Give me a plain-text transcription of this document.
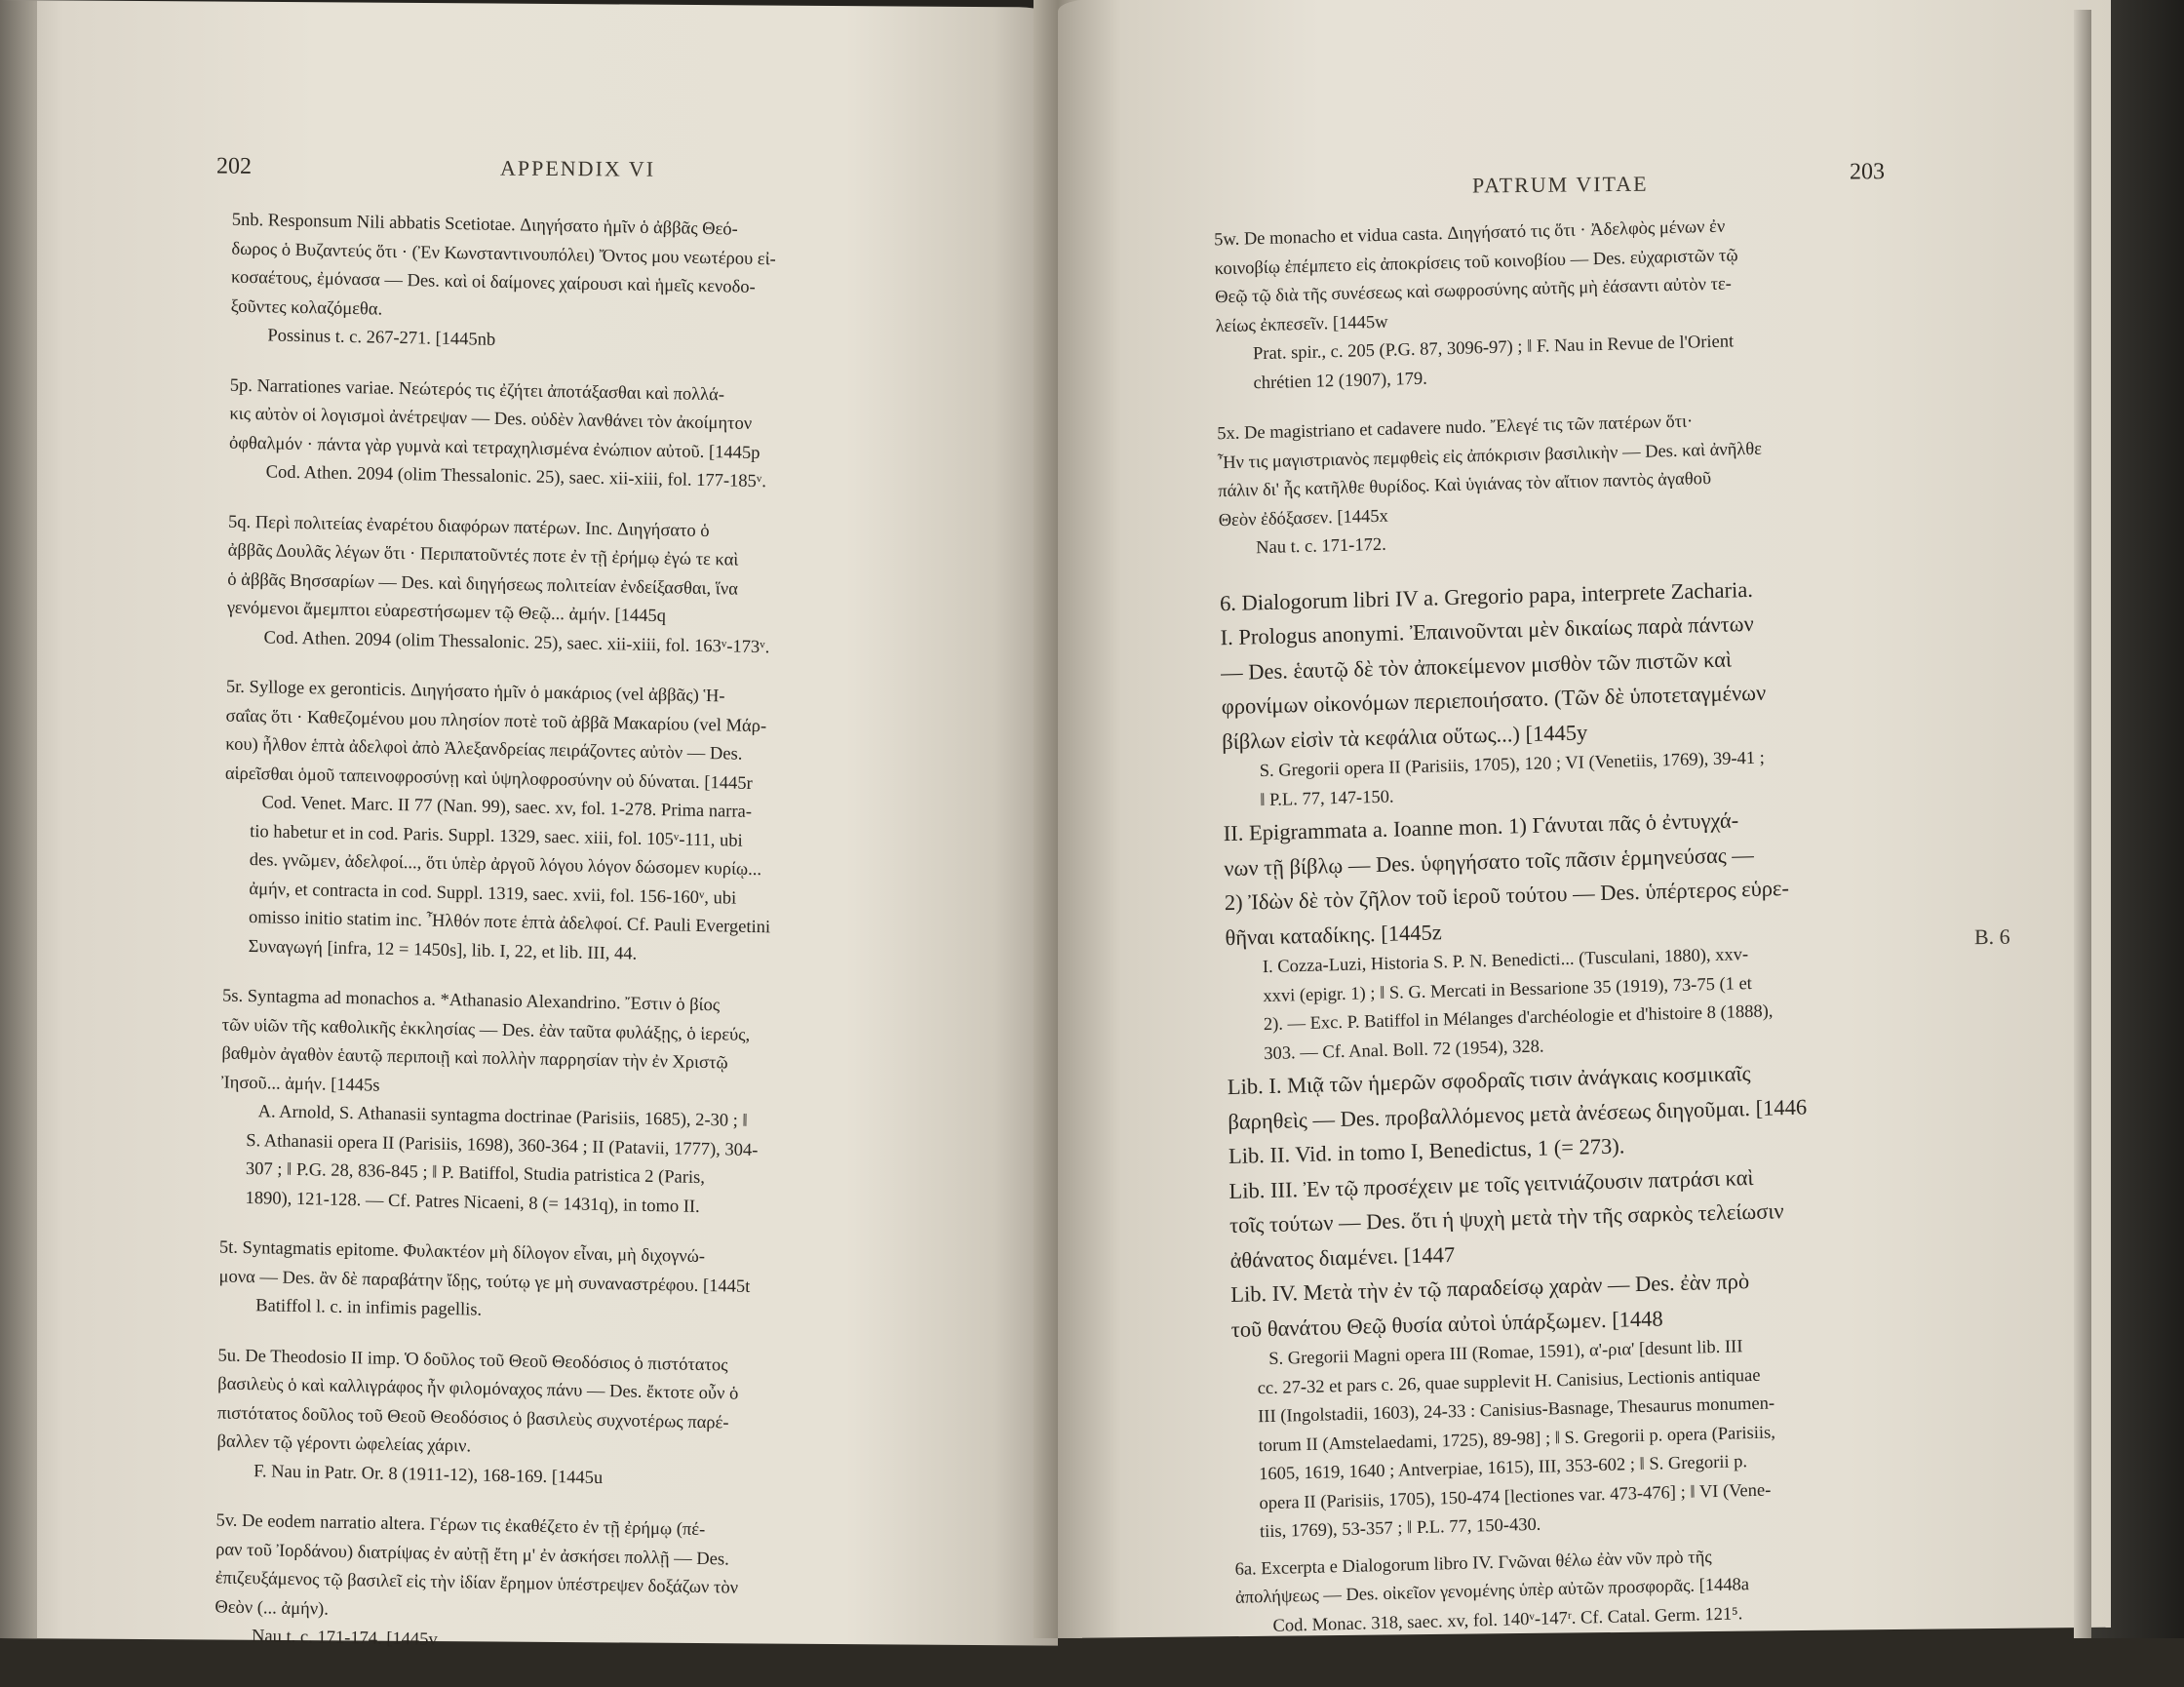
202	APPENDIX VI
5nb. Responsum Nili abbatis Scetiotae. Διηγήσατο ἡμῖν ὁ ἀββᾶς Θεό-
δωρος ὁ Βυζαντεύς ὅτι · (Ἐν Κωνσταντινουπόλει) Ὄντος μου νεωτέρου εἰ-
κοσαέτους, ἐμόνασα — Des. καὶ οἱ δαίμονες χαίρουσι καὶ ἡμεῖς κενοδο-
ξοῦντες κολαζόμεθα.
Possinus t. c. 267-271. [1445nb
5p. Narrationes variae. Νεώτερός τις ἐζήτει ἀποτάξασθαι καὶ πολλά-
κις αὐτὸν οἱ λογισμοὶ ἀνέτρεψαν — Des. οὐδὲν λανθάνει τὸν ἀκοίμητον
ὀφθαλμόν · πάντα γὰρ γυμνὰ καὶ τετραχηλισμένα ἐνώπιον αὐτοῦ. [1445p
Cod. Athen. 2094 (olim Thessalonic. 25), saec. xii-xiii, fol. 177-185ᵛ.
5q. Περὶ πολιτείας ἐναρέτου διαφόρων πατέρων. Inc. Διηγήσατο ὁ
ἀββᾶς Δουλᾶς λέγων ὅτι · Περιπατοῦντές ποτε ἐν τῇ ἐρήμῳ ἐγώ τε καὶ
ὁ ἀββᾶς Βησσαρίων — Des. καὶ διηγήσεως πολιτείαν ἐνδείξασθαι, ἵνα
γενόμενοι ἄμεμπτοι εὐαρεστήσωμεν τῷ Θεῷ... ἀμήν. [1445q
Cod. Athen. 2094 (olim Thessalonic. 25), saec. xii-xiii, fol. 163ᵛ-173ᵛ.
5r. Sylloge ex geronticis. Διηγήσατο ἡμῖν ὁ μακάριος (vel ἀββᾶς) Ἡ-
σαΐας ὅτι · Καθεζομένου μου πλησίον ποτὲ τοῦ ἀββᾶ Μακαρίου (vel Μάρ-
κου) ἦλθον ἑπτὰ ἀδελφοὶ ἀπὸ Ἀλεξανδρείας πειράζοντες αὐτὸν — Des.
αἱρεῖσθαι ὁμοῦ ταπεινοφροσύνῃ καὶ ὑψηλοφροσύνην οὐ δύναται. [1445r
Cod. Venet. Marc. II 77 (Nan. 99), saec. xv, fol. 1-278. Prima narra-
tio habetur et in cod. Paris. Suppl. 1329, saec. xiii, fol. 105ᵛ-111, ubi
des. γνῶμεν, ἀδελφοί..., ὅτι ὑπὲρ ἀργοῦ λόγου λόγον δώσομεν κυρίῳ...
ἀμήν, et contracta in cod. Suppl. 1319, saec. xvii, fol. 156-160ᵛ, ubi
omisso initio statim inc. Ἦλθόν ποτε ἑπτὰ ἀδελφοί. Cf. Pauli Evergetini
Συναγωγή [infra, 12 = 1450s], lib. I, 22, et lib. III, 44.
5s. Syntagma ad monachos a. *Athanasio Alexandrino. Ἔστιν ὁ βίος
τῶν υἱῶν τῆς καθολικῆς ἐκκλησίας — Des. ἐὰν ταῦτα φυλάξῃς, ὁ ἱερεύς,
βαθμὸν ἀγαθὸν ἑαυτῷ περιποιῇ καὶ πολλὴν παρρησίαν τὴν ἐν Χριστῷ
Ἰησοῦ... ἀμήν. [1445s
A. Arnold, S. Athanasii syntagma doctrinae (Parisiis, 1685), 2-30 ; ‖
S. Athanasii opera II (Parisiis, 1698), 360-364 ; II (Patavii, 1777), 304-
307 ; ‖ P.G. 28, 836-845 ; ‖ P. Batiffol, Studia patristica 2 (Paris,
1890), 121-128. — Cf. Patres Nicaeni, 8 (= 1431q), in tomo II.
5t. Syntagmatis epitome. Φυλακτέον μὴ δίλογον εἶναι, μὴ διχογνώ-
μονα — Des. ἂν δὲ παραβάτην ἴδῃς, τούτῳ γε μὴ συναναστρέφου. [1445t
Batiffol l. c. in infimis pagellis.
5u. De Theodosio II imp. Ὁ δοῦλος τοῦ Θεοῦ Θεοδόσιος ὁ πιστότατος
βασιλεὺς ὁ καὶ καλλιγράφος ἦν φιλομόναχος πάνυ — Des. ἔκτοτε οὖν ὁ
πιστότατος δοῦλος τοῦ Θεοῦ Θεοδόσιος ὁ βασιλεὺς συχνοτέρως παρέ-
βαλλεν τῷ γέροντι ὠφελείας χάριν.
F. Nau in Patr. Or. 8 (1911-12), 168-169. [1445u
5v. De eodem narratio altera. Γέρων τις ἐκαθέζετο ἐν τῇ ἐρήμῳ (πέ-
ραν τοῦ Ἰορδάνου) διατρίψας ἐν αὐτῇ ἔτη μ' ἐν ἀσκήσει πολλῇ — Des.
ἐπιζευξάμενος τῷ βασιλεῖ εἰς τὴν ἰδίαν ἔρημον ὑπέστρεψεν δοξάζων τὸν
Θεὸν (... ἀμήν).
Nau t. c. 171-174. [1445v
PATRUM VITAE	203
B. 6
5w. De monacho et vidua casta. Διηγήσατό τις ὅτι · Ἀδελφὸς μένων ἐν
κοινοβίῳ ἐπέμπετο εἰς ἀποκρίσεις τοῦ κοινοβίου — Des. εὐχαριστῶν τῷ
Θεῷ τῷ διὰ τῆς συνέσεως καὶ σωφροσύνης αὐτῆς μὴ ἐάσαντι αὐτὸν τε-
λείως ἐκπεσεῖν. [1445w
Prat. spir., c. 205 (P.G. 87, 3096-97) ; ‖ F. Nau in Revue de l'Orient
chrétien 12 (1907), 179.
5x. De magistriano et cadavere nudo. Ἔλεγέ τις τῶν πατέρων ὅτι·
Ἦν τις μαγιστριανὸς πεμφθεὶς εἰς ἀπόκρισιν βασιλικὴν — Des. καὶ ἀνῆλθε
πάλιν δι' ἧς κατῆλθε θυρίδος. Καὶ ὑγιάνας τὸν αἴτιον παντὸς ἀγαθοῦ
Θεὸν ἐδόξασεν. [1445x
Nau t. c. 171-172.
6. Dialogorum libri IV a. Gregorio papa, interprete Zacharia.
I. Prologus anonymi. Ἐπαινοῦνται μὲν δικαίως παρὰ πάντων
— Des. ἑαυτῷ δὲ τὸν ἀποκείμενον μισθὸν τῶν πιστῶν καὶ
φρονίμων οἰκονόμων περιεποιήσατο. (Τῶν δὲ ὑποτεταγμένων
βίβλων εἰσὶν τὰ κεφάλια οὕτως...) [1445y
S. Gregorii opera II (Parisiis, 1705), 120 ; VI (Venetiis, 1769), 39-41 ;
‖ P.L. 77, 147-150.
II. Epigrammata a. Ioanne mon. 1) Γάνυται πᾶς ὁ ἐντυγχά-
νων τῇ βίβλῳ — Des. ὑφηγήσατο τοῖς πᾶσιν ἑρμηνεύσας —
2) Ἰδὼν δὲ τὸν ζῆλον τοῦ ἱεροῦ τούτου — Des. ὑπέρτερος εὑρε-
θῆναι καταδίκης. [1445z
I. Cozza-Luzi, Historia S. P. N. Benedicti... (Tusculani, 1880), xxv-
xxvi (epigr. 1) ; ‖ S. G. Mercati in Bessarione 35 (1919), 73-75 (1 et
2). — Exc. P. Batiffol in Mélanges d'archéologie et d'histoire 8 (1888),
303. — Cf. Anal. Boll. 72 (1954), 328.
Lib. I. Μιᾷ τῶν ἡμερῶν σφοδραῖς τισιν ἀνάγκαις κοσμικαῖς
βαρηθεὶς — Des. προβαλλόμενος μετὰ ἀνέσεως διηγοῦμαι. [1446
Lib. II. Vid. in tomo I, Benedictus, 1 (= 273).
Lib. III. Ἐν τῷ προσέχειν με τοῖς γειτνιάζουσιν πατράσι καὶ
τοῖς τούτων — Des. ὅτι ἡ ψυχὴ μετὰ τὴν τῆς σαρκὸς τελείωσιν
ἀθάνατος διαμένει. [1447
Lib. IV. Μετὰ τὴν ἐν τῷ παραδείσῳ χαρὰν — Des. ἐὰν πρὸ
τοῦ θανάτου Θεῷ θυσία αὐτοὶ ὑπάρξωμεν. [1448
S. Gregorii Magni opera III (Romae, 1591), α'-ρια' [desunt lib. III
cc. 27-32 et pars c. 26, quae supplevit H. Canisius, Lectionis antiquae
III (Ingolstadii, 1603), 24-33 : Canisius-Basnage, Thesaurus monumen-
torum II (Amstelaedami, 1725), 89-98] ; ‖ S. Gregorii p. opera (Parisiis,
1605, 1619, 1640 ; Antverpiae, 1615), III, 353-602 ; ‖ S. Gregorii p.
opera II (Parisiis, 1705), 150-474 [lectiones var. 473-476] ; ‖ VI (Vene-
tiis, 1769), 53-357 ; ‖ P.L. 77, 150-430.
6a. Excerpta e Dialogorum libro IV. Γνῶναι θέλω ἐὰν νῦν πρὸ τῆς
ἀπολήψεως — Des. οἰκεῖον γενομένης ὑπὲρ αὐτῶν προσφορᾶς. [1448a
Cod. Monac. 318, saec. xv, fol. 140ᵛ-147ʳ. Cf. Catal. Germ. 121⁵.
